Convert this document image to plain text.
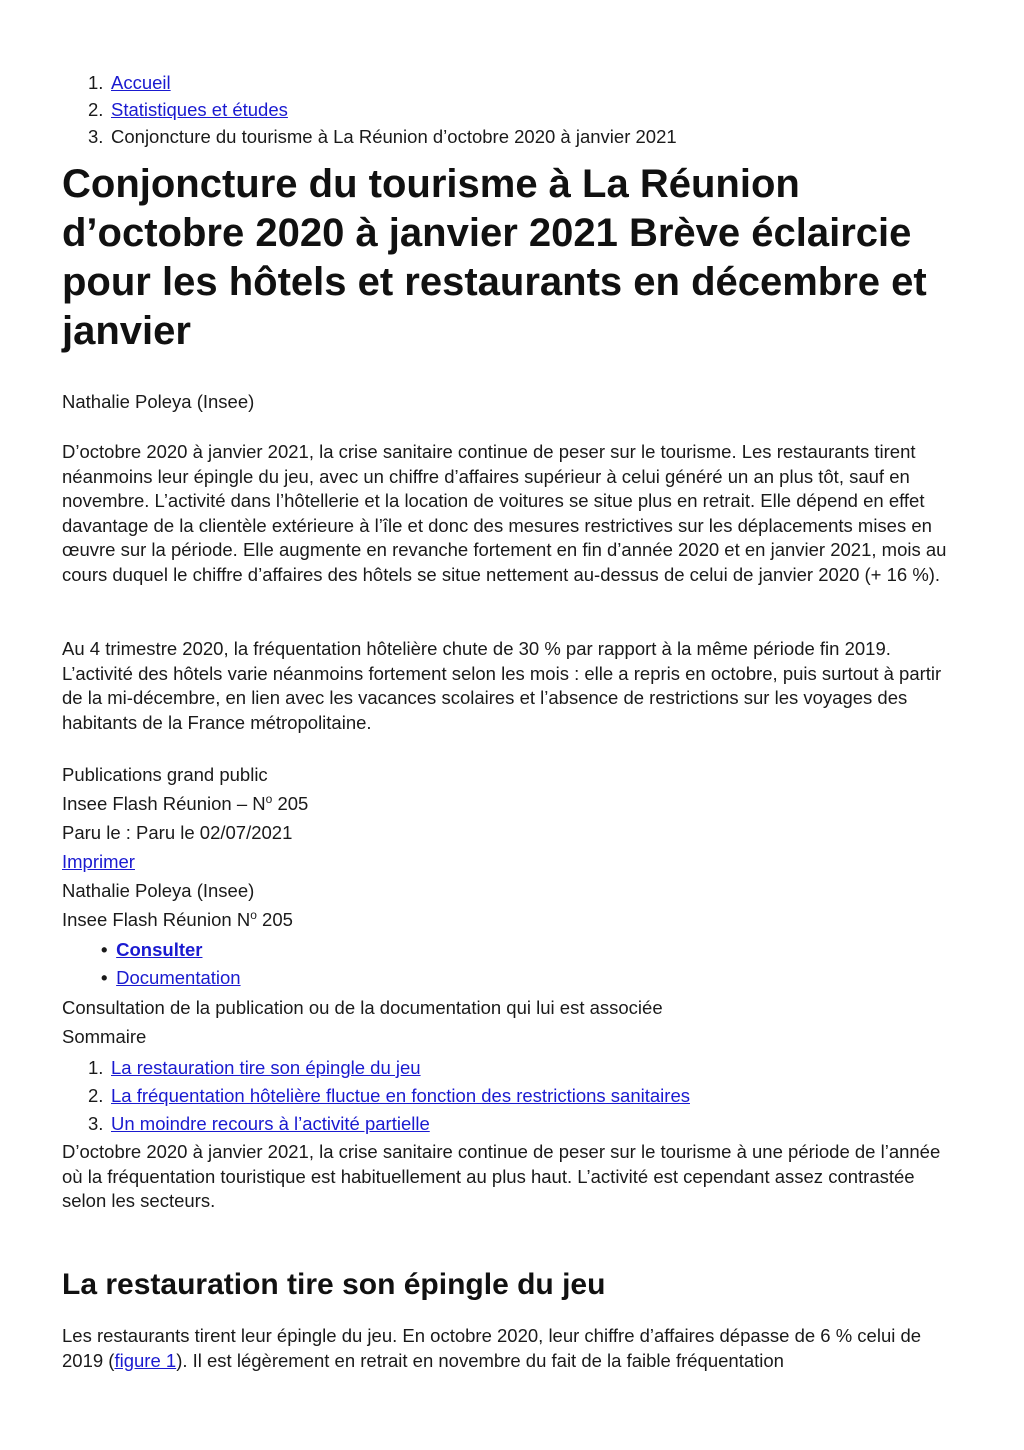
1. Accueil
2. Statistiques et études
3. Conjoncture du tourisme à La Réunion d’octobre 2020 à janvier 2021
Conjoncture du tourisme à La Réunion d’octobre 2020 à janvier 2021 Brève éclaircie pour les hôtels et restaurants en décembre et janvier
Nathalie Poleya (Insee)

D’octobre 2020 à janvier 2021, la crise sanitaire continue de peser sur le tourisme. Les restaurants tirent néanmoins leur épingle du jeu, avec un chiffre d’affaires supérieur à celui généré un an plus tôt, sauf en novembre. L’activité dans l’hôtellerie et la location de voitures se situe plus en retrait. Elle dépend en effet davantage de la clientèle extérieure à l’île et donc des mesures restrictives sur les déplacements mises en œuvre sur la période. Elle augmente en revanche fortement en fin d’année 2020 et en janvier 2021, mois au cours duquel le chiffre d’affaires des hôtels se situe nettement au-dessus de celui de janvier 2020 (+ 16 %).

Au 4 trimestre 2020, la fréquentation hôtelière chute de 30 % par rapport à la même période fin 2019. L’activité des hôtels varie néanmoins fortement selon les mois : elle a repris en octobre, puis surtout à partir de la mi-décembre, en lien avec les vacances scolaires et l’absence de restrictions sur les voyages des habitants de la France métropolitaine.

Publications grand public
Insee Flash Réunion – $N^o$ 205
Paru le : Paru le 02/07/2021
Imprimer
Nathalie Poleya (Insee)
Insee Flash Réunion $N^o$ 205
• Consulter
• Documentation
Consultation de la publication ou de la documentation qui lui est associée
Sommaire
1. La restauration tire son épingle du jeu
2. La fréquentation hôtelière fluctue en fonction des restrictions sanitaires
3. Un moindre recours à l’activité partielle

D’octobre 2020 à janvier 2021, la crise sanitaire continue de peser sur le tourisme à une période de l’année où la fréquentation touristique est habituellement au plus haut. L’activité est cependant assez contrastée selon les secteurs.

La restauration tire son épingle du jeu

Les restaurants tirent leur épingle du jeu. En octobre 2020, leur chiffre d’affaires dépasse de 6 % celui de 2019 (figure 1). Il est légèrement en retrait en novembre du fait de la faible fréquentation
